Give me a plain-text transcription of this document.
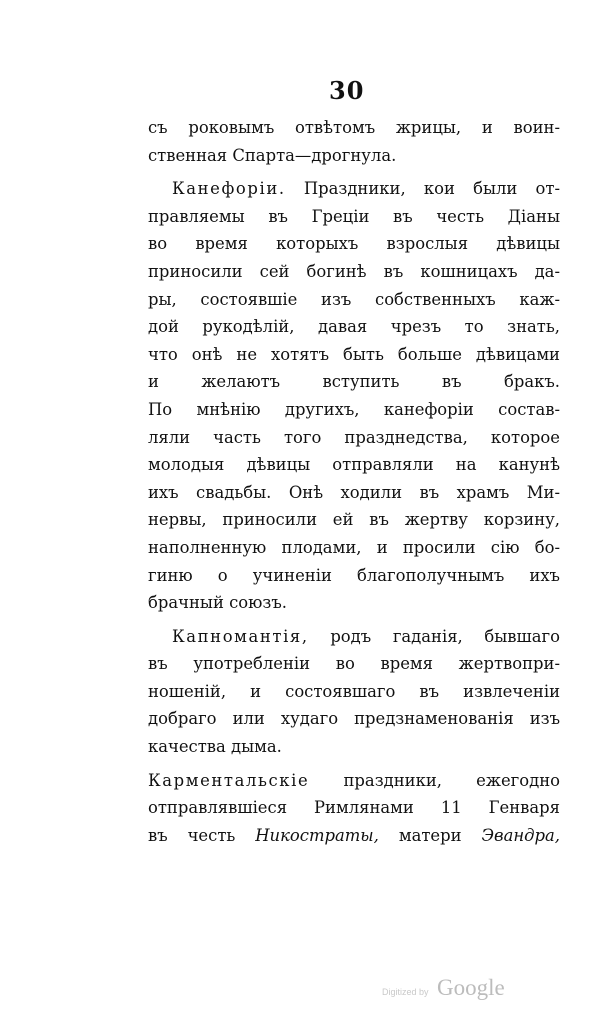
30
съ роковымъ отвѣтомъ жрицы, и воин-
ственная Спарта—дрогнула.
Канефоріи. Праздники, кои были от-
правляемы въ Греціи въ честь Діаны
во время которыхъ взрослыя дѣвицы
приносили сей богинѣ въ кошницахъ да-
ры, состоявшіе изъ собственныхъ каж-
дой рукодѣлій, давая чрезъ то знать,
что онѣ не хотятъ быть больше дѣвицами
и желаютъ вступить въ бракъ.
По мнѣнію другихъ, канефоріи состав-
ляли часть того празднедства, которое
молодыя дѣвицы отправляли на канунѣ
ихъ свадьбы. Онѣ ходили въ храмъ Ми-
нервы, приносили ей въ жертву корзину,
наполненную плодами, и просили сію бо-
гиню о учиненіи благополучнымъ ихъ
брачный союзъ.
Капномантія, родъ гаданія, бывшаго
въ употребленіи во время жертвопри-
ношеній, и состоявшаго въ извлеченіи
добраго или худаго предзнаменованія изъ
качества дыма.
Карментальскіе праздники, ежегодно
отправлявшіеся Римлянами 11 Генваря
въ честь Никостраты, мaтери Эвандра,
Digitized by Google
